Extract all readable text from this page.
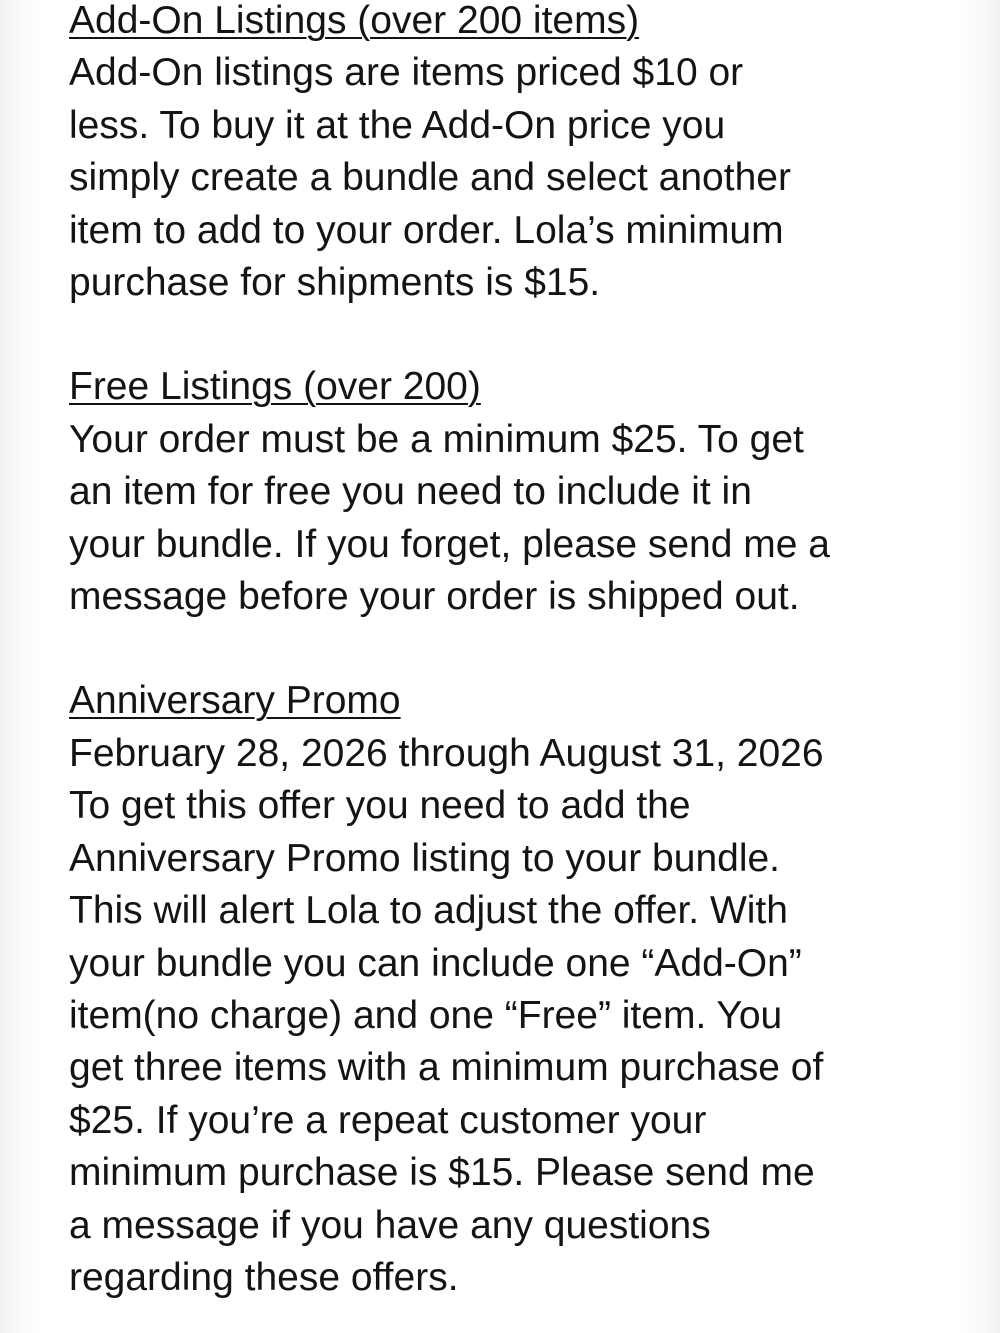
Add-On Listings (over 200 items)
Add-On listings are items priced $10 or
less. To buy it at the Add-On price you
simply create a bundle and select another
item to add to your order. Lola’s minimum
purchase for shipments is $15.
Free Listings (over 200)
Your order must be a minimum $25. To get
an item for free you need to include it in
your bundle. If you forget, please send me a
message before your order is shipped out.
Anniversary Promo
February 28, 2026 through August 31, 2026
To get this offer you need to add the
Anniversary Promo listing to your bundle.
This will alert Lola to adjust the offer. With
your bundle you can include one “Add-On”
item(no charge) and one “Free” item. You
get three items with a minimum purchase of
$25. If you’re a repeat customer your
minimum purchase is $15. Please send me
a message if you have any questions
regarding these offers.
